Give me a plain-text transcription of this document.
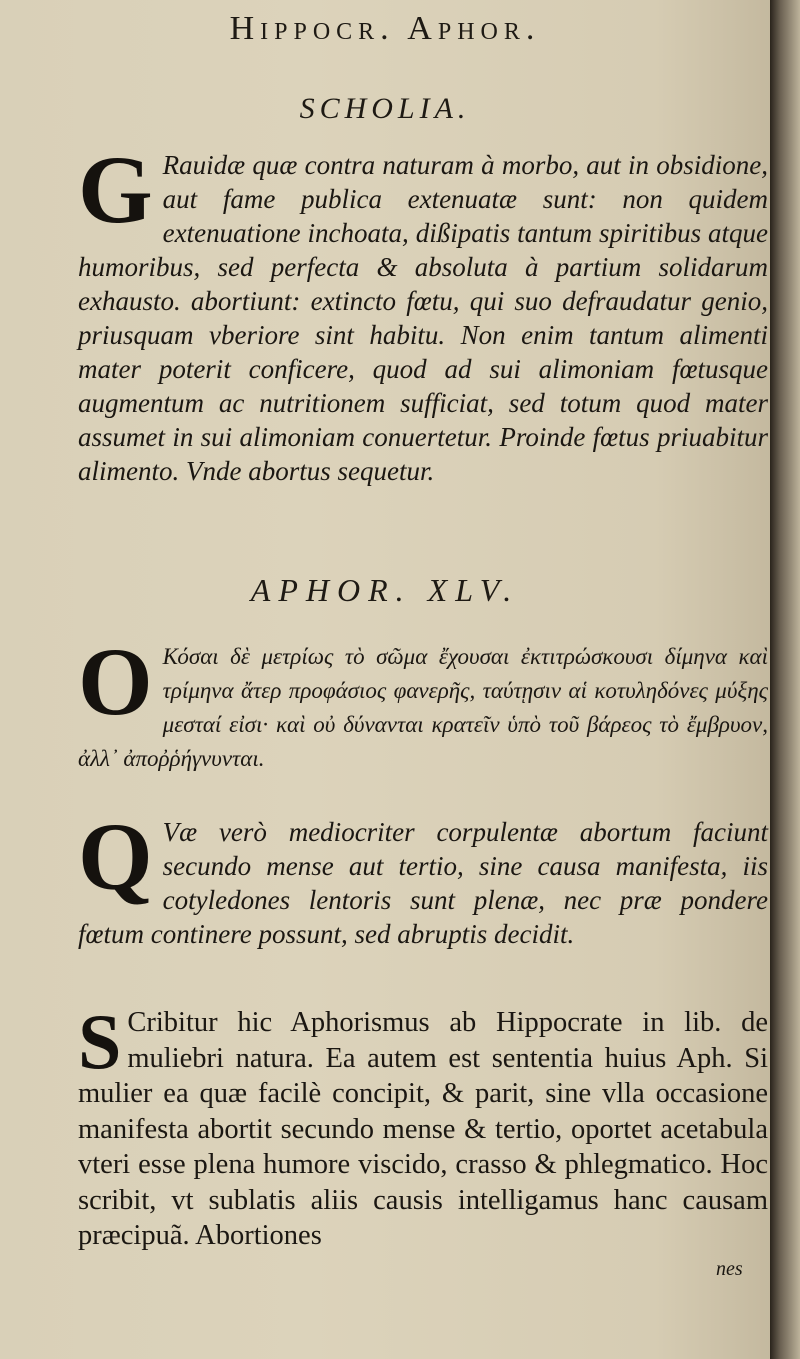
Hippocr. Aphor.
SCHOLIA.
G Rauidæ quæ contra naturam à morbo, aut in obsidione, aut fame publica extenuatæ sunt: non quidem extenuatione inchoata, dißipatis tantum spiritibus atque humoribus, sed perfecta & absoluta à partium solidarum exhausto. abortiunt: extincto fœtu, qui suo defraudatur genio, priusquam vberiore sint habitu. Non enim tantum alimenti mater poterit conficere, quod ad sui alimoniam fœtusque augmentum ac nutritionem sufficiat, sed totum quod mater assumet in sui alimoniam conuertetur. Proinde fœtus priuabitur alimento. Vnde abortus sequetur.
APHOR. XLV.
O Κόσαι δὲ μετρίως τὸ σῶμα ἔχουσαι ἐκτιτρώσκουσι δίμηνα καὶ τρίμηνα ἄτερ προφάσιος φανερῆς, ταύτῃσιν αἱ κοτυληδόνες μύξης μεσταί εἰσι· καὶ οὐ δύνανται κρατεῖν ὑπὸ τοῦ βάρεος τὸ ἔμβρυον, ἀλλ᾽ ἀποῤῥήγνυνται.
Q Væ verò mediocriter corpulentæ abortum faciunt secundo mense aut tertio, sine causa manifesta, iis cotyledones lentoris sunt plenæ, nec præ pondere fœtum continere possunt, sed abruptis decidit.
S Cribitur hic Aphorismus ab Hippocrate in lib. de muliebri natura. Ea autem est sententia huius Aph. Si mulier ea quæ facilè concipit, & parit, sine vlla occasione manifesta abortit secundo mense & tertio, oportet acetabula vteri esse plena humore viscido, crasso & phlegmatico. Hoc scribit, vt sublatis aliis causis intelligamus hanc causam præcipuã. Abortiones
nes
